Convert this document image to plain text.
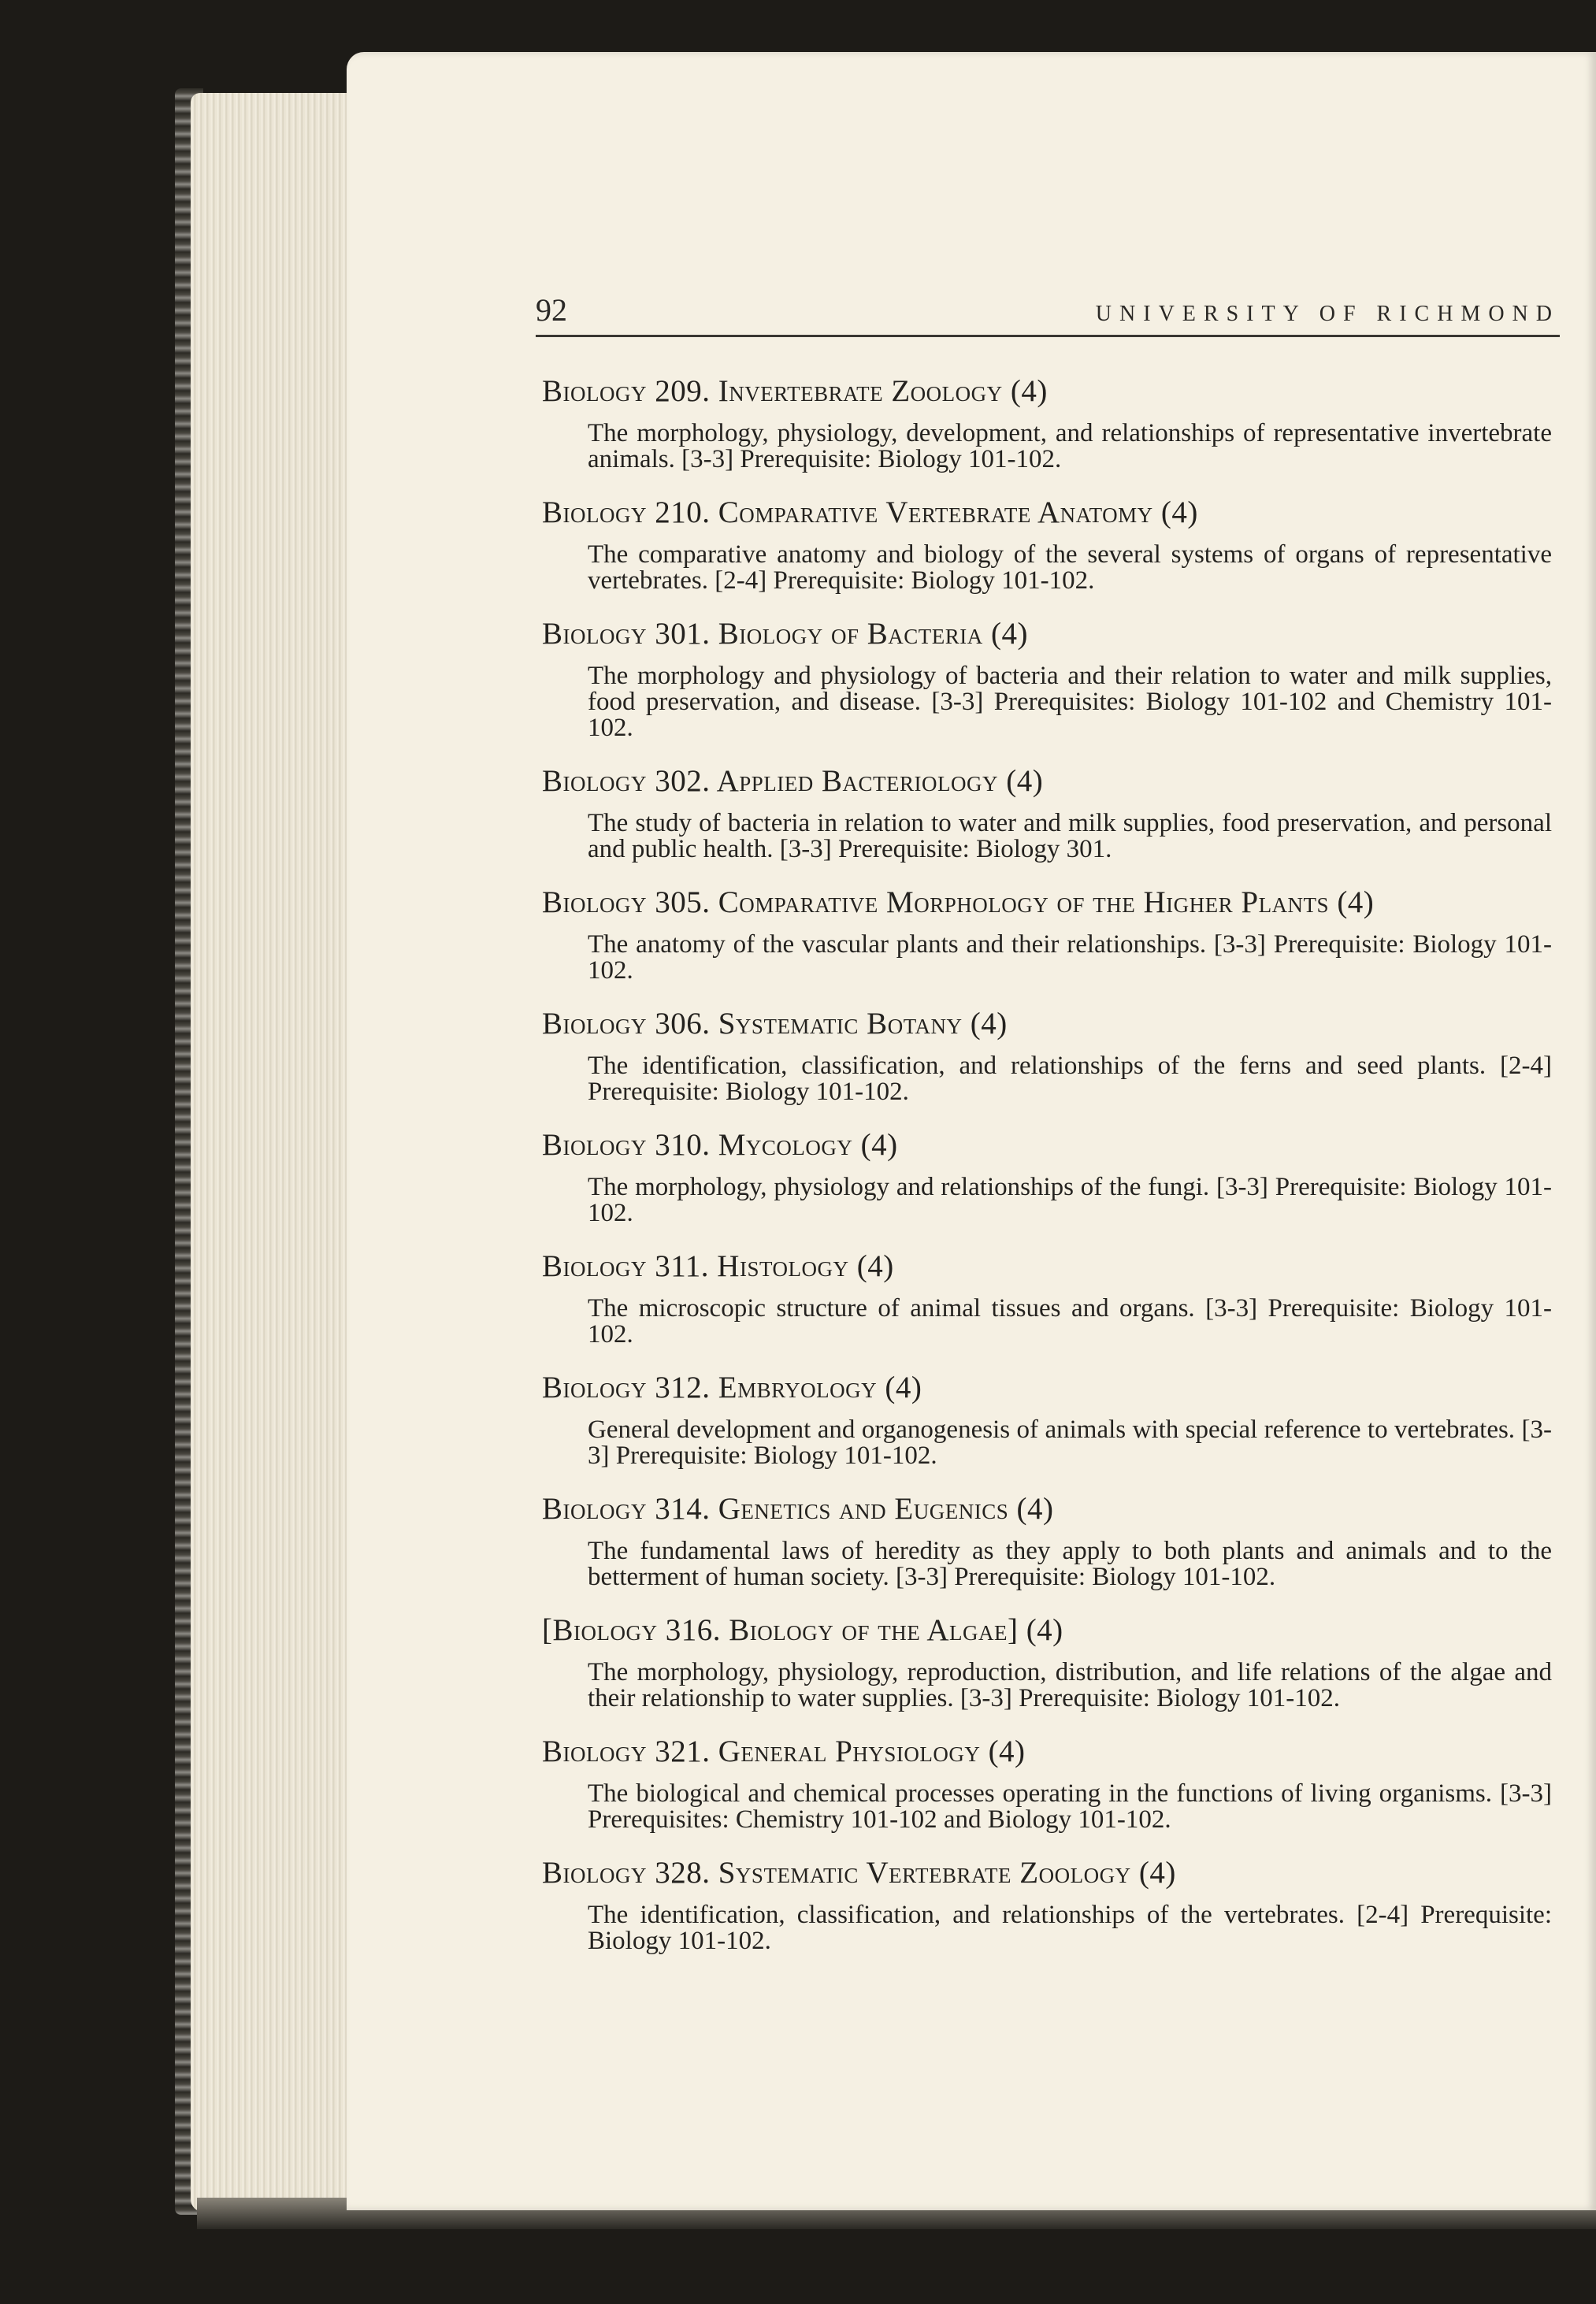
92	UNIVERSITY OF RICHMOND
Biology 209. Invertebrate Zoology (4)
The morphology, physiology, development, and relationships of representative invertebrate animals. [3-3] Prerequisite: Biology 101-102.
Biology 210. Comparative Vertebrate Anatomy (4)
The comparative anatomy and biology of the several systems of organs of representative vertebrates. [2-4] Prerequisite: Biology 101-102.
Biology 301. Biology of Bacteria (4)
The morphology and physiology of bacteria and their relation to water and milk supplies, food preservation, and disease. [3-3] Prerequisites: Biology 101-102 and Chemistry 101-102.
Biology 302. Applied Bacteriology (4)
The study of bacteria in relation to water and milk supplies, food preservation, and personal and public health. [3-3] Prerequisite: Biology 301.
Biology 305. Comparative Morphology of the Higher Plants (4)
The anatomy of the vascular plants and their relationships. [3-3] Prerequisite: Biology 101-102.
Biology 306. Systematic Botany (4)
The identification, classification, and relationships of the ferns and seed plants. [2-4] Prerequisite: Biology 101-102.
Biology 310. Mycology (4)
The morphology, physiology and relationships of the fungi. [3-3] Prerequisite: Biology 101-102.
Biology 311. Histology (4)
The microscopic structure of animal tissues and organs. [3-3] Prerequisite: Biology 101-102.
Biology 312. Embryology (4)
General development and organogenesis of animals with special reference to vertebrates. [3-3] Prerequisite: Biology 101-102.
Biology 314. Genetics and Eugenics (4)
The fundamental laws of heredity as they apply to both plants and animals and to the betterment of human society. [3-3] Prerequisite: Biology 101-102.
[Biology 316. Biology of the Algae] (4)
The morphology, physiology, reproduction, distribution, and life relations of the algae and their relationship to water supplies. [3-3] Prerequisite: Biology 101-102.
Biology 321. General Physiology (4)
The biological and chemical processes operating in the functions of living organisms. [3-3] Prerequisites: Chemistry 101-102 and Biology 101-102.
Biology 328. Systematic Vertebrate Zoology (4)
The identification, classification, and relationships of the vertebrates. [2-4] Prerequisite: Biology 101-102.
